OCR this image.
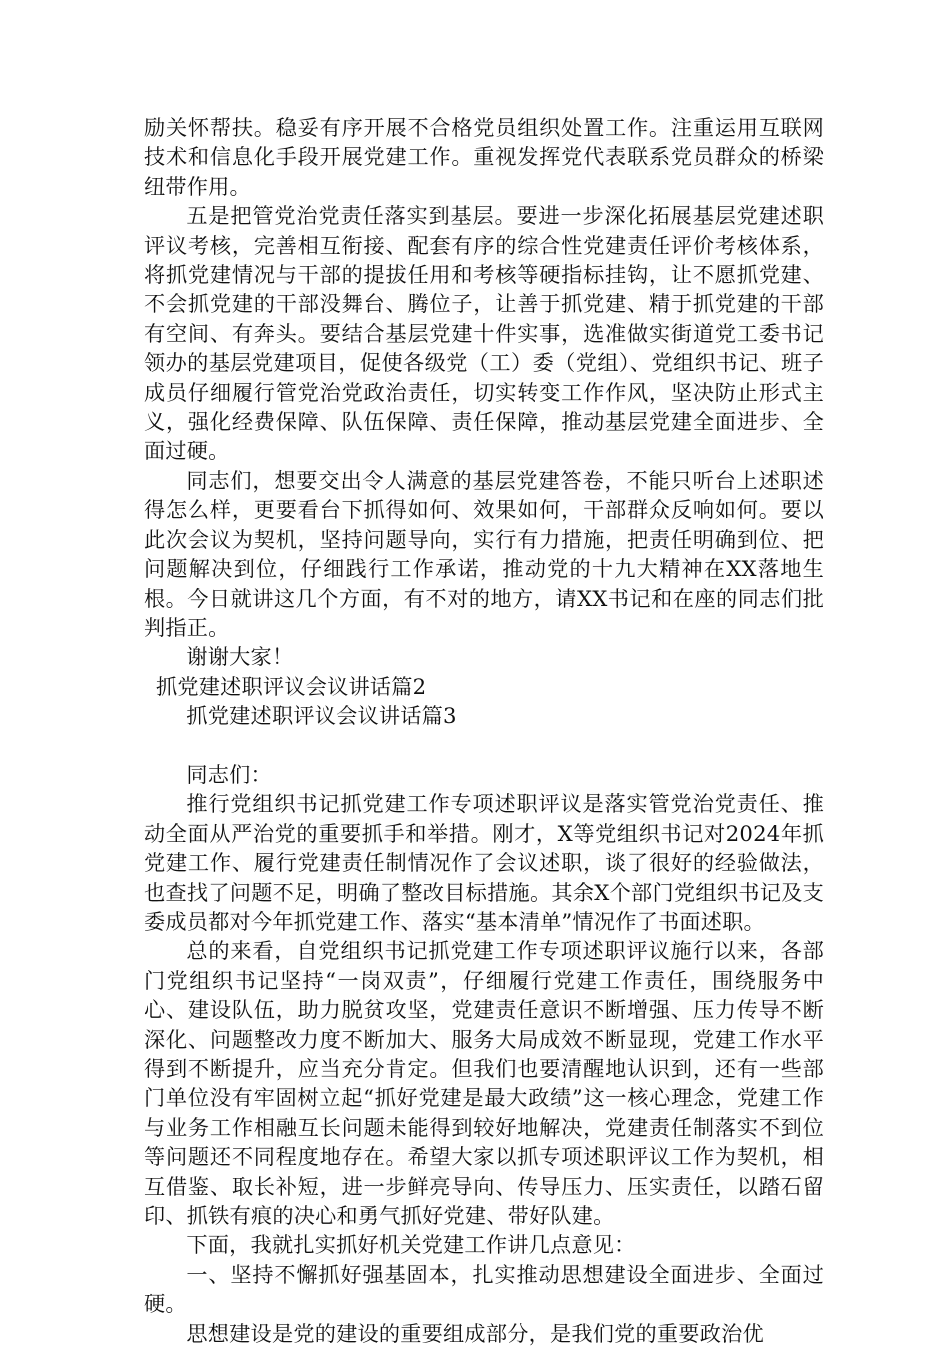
励关怀帮扶。稳妥有序开展不合格党员组织处置工作。注重运用互联网技术和信息化手段开展党建工作。重视发挥党代表联系党员群众的桥梁纽带作用。

五是把管党治党责任落实到基层。要进一步深化拓展基层党建述职评议考核，完善相互衔接、配套有序的综合性党建责任评价考核体系，将抓党建情况与干部的提拔任用和考核等硬指标挂钩，让不愿抓党建、不会抓党建的干部没舞台、腾位子，让善于抓党建、精于抓党建的干部有空间、有奔头。要结合基层党建十件实事，选准做实街道党工委书记领办的基层党建项目，促使各级党（工）委（党组）、党组织书记、班子成员仔细履行管党治党政治责任，切实转变工作作风，坚决防止形式主义，强化经费保障、队伍保障、责任保障，推动基层党建全面进步、全面过硬。

同志们，想要交出令人满意的基层党建答卷，不能只听台上述职述得怎么样，更要看台下抓得如何、效果如何，干部群众反响如何。要以此次会议为契机，坚持问题导向，实行有力措施，把责任明确到位、把问题解决到位，仔细践行工作承诺，推动党的十九大精神在XX落地生根。今日就讲这几个方面，有不对的地方，请XX书记和在座的同志们批判指正。

谢谢大家！

抓党建述职评议会议讲话篇2

抓党建述职评议会议讲话篇3

同志们：

推行党组织书记抓党建工作专项述职评议是落实管党治党责任、推动全面从严治党的重要抓手和举措。刚才，X等党组织书记对2024年抓党建工作、履行党建责任制情况作了会议述职，谈了很好的经验做法，也查找了问题不足，明确了整改目标措施。其余X个部门党组织书记及支委成员都对今年抓党建工作、落实“基本清单”情况作了书面述职。

总的来看，自党组织书记抓党建工作专项述职评议施行以来，各部门党组织书记坚持“一岗双责”，仔细履行党建工作责任，围绕服务中心、建设队伍，助力脱贫攻坚，党建责任意识不断增强、压力传导不断深化、问题整改力度不断加大、服务大局成效不断显现，党建工作水平得到不断提升，应当充分肯定。但我们也要清醒地认识到，还有一些部门单位没有牢固树立起“抓好党建是最大政绩”这一核心理念，党建工作与业务工作相融互长问题未能得到较好地解决，党建责任制落实不到位等问题还不同程度地存在。希望大家以抓专项述职评议工作为契机，相互借鉴、取长补短，进一步鲜亮导向、传导压力、压实责任，以踏石留印、抓铁有痕的决心和勇气抓好党建、带好队建。

下面，我就扎实抓好机关党建工作讲几点意见：

一、坚持不懈抓好强基固本，扎实推动思想建设全面进步、全面过硬。

思想建设是党的建设的重要组成部分，是我们党的重要政治优
